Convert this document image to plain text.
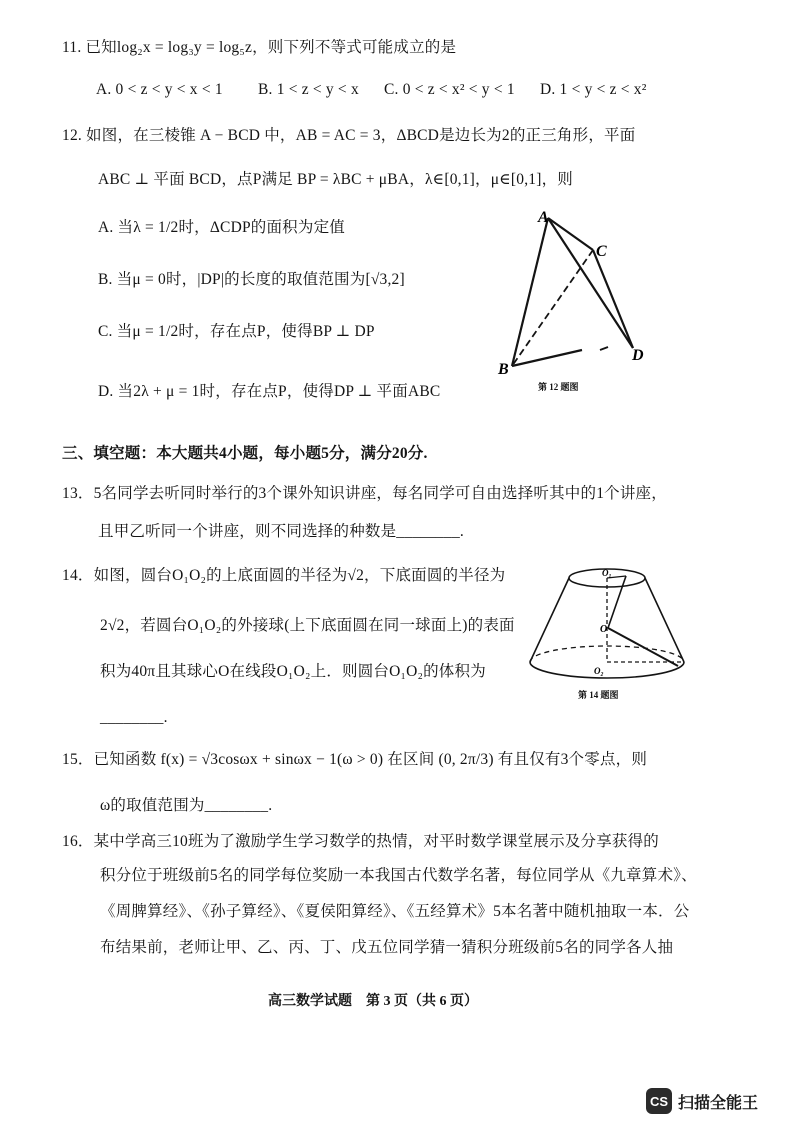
11. 已知log₂x = log₃y = log₅z，则下列不等式可能成立的是
A. 0 < z < y < x < 1 B. 1 < z < y < x C. 0 < z < x² < y < 1 D. 1 < y < z < x²
12. 如图，在三棱锥 A − BCD 中，AB = AC = 3，ΔBCD是边长为2的正三角形，平面
ABC ⊥ 平面 BCD，点P满足 BP = λBC + μBA，λ∈[0,1]，μ∈[0,1]，则
A. 当λ = 1/2时，ΔCDP的面积为定值
B. 当μ = 0时，|DP|的长度的取值范围为[√3,2]
C. 当μ = 1/2时，存在点P，使得BP ⊥ DP
D. 当2λ + μ = 1时，存在点P，使得DP ⊥ 平面ABC
A
C
B
D
第 12 题图
三、填空题：本大题共4小题，每小题5分，满分20分.
13．5名同学去听同时举行的3个课外知识讲座，每名同学可自由选择听其中的1个讲座，
且甲乙听同一个讲座，则不同选择的种数是________.
14．如图，圆台O₁O₂的上底面圆的半径为√2，下底面圆的半径为
2√2，若圆台O₁O₂的外接球(上下底面圆在同一球面上)的表面
积为40π且其球心O在线段O₁O₂上．则圆台O₁O₂的体积为
________.
O₁
O
O₂
第 14 题图
15．已知函数 f(x) = √3cosωx + sinωx − 1(ω > 0) 在区间 (0, 2π/3) 有且仅有3个零点，则
ω的取值范围为________.
16．某中学高三10班为了激励学生学习数学的热情，对平时数学课堂展示及分享获得的
积分位于班级前5名的同学每位奖励一本我国古代数学名著，每位同学从《九章算术》、
《周脾算经》、《孙子算经》、《夏侯阳算经》、《五经算术》5本名著中随机抽取一本．公
布结果前，老师让甲、乙、丙、丁、戊五位同学猜一猜积分班级前5名的同学各人抽
高三数学试题　第 3 页（共 6 页）
CS 扫描全能王
